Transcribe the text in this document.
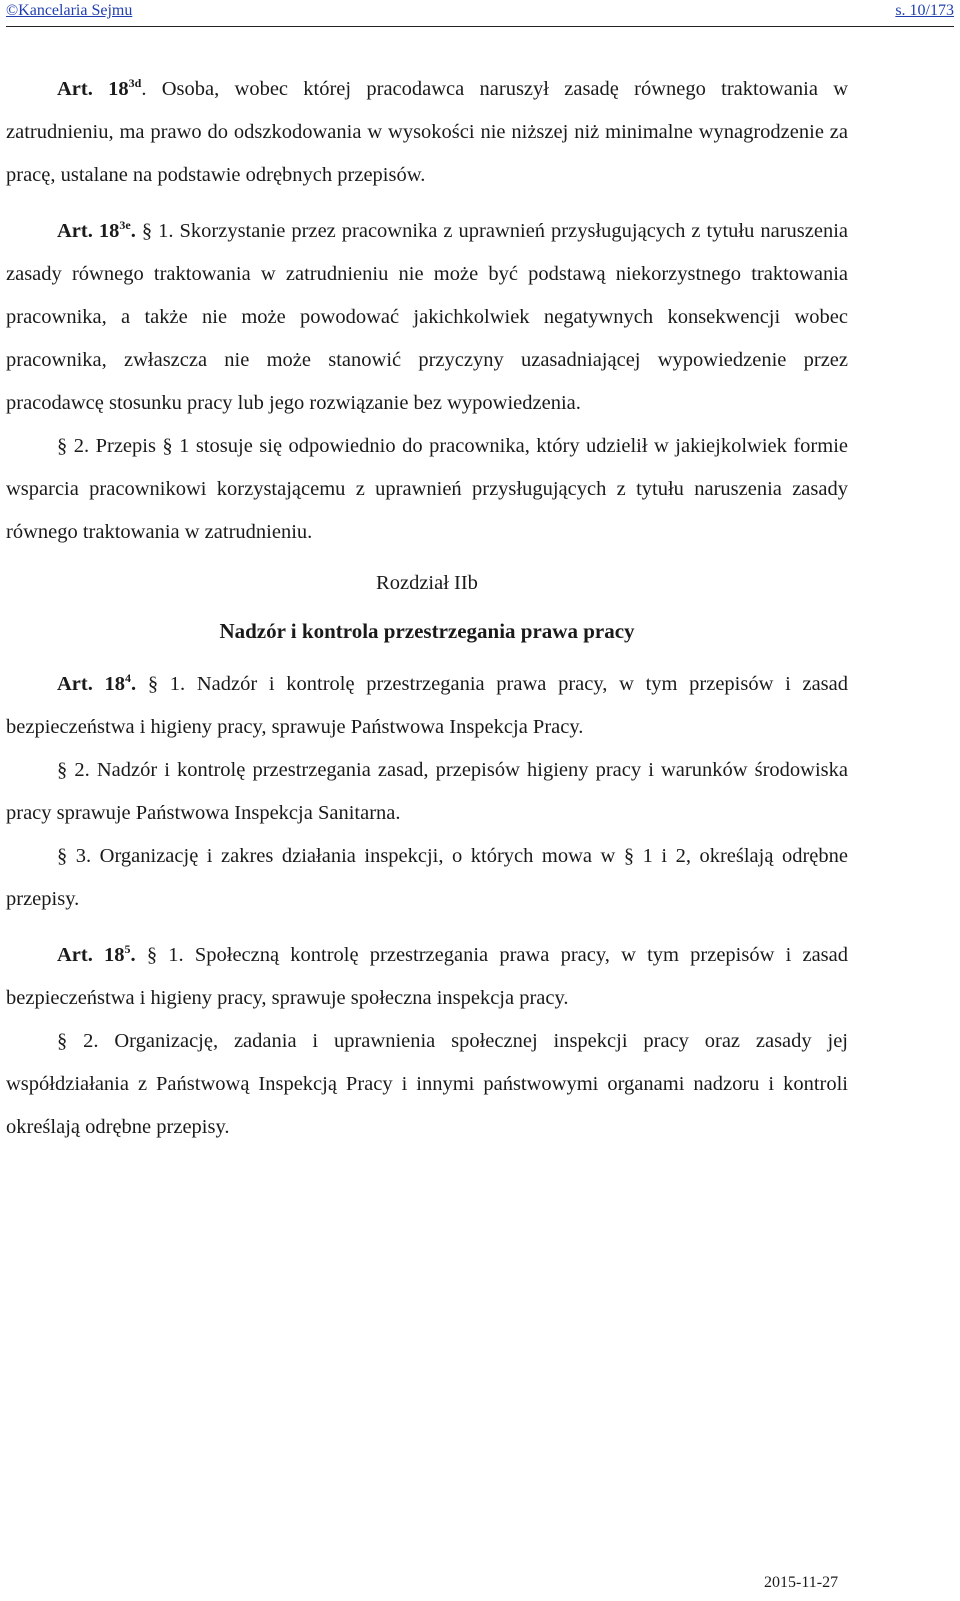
©Kancelaria Sejmu	s. 10/173

Art. $18^{3d}$. Osoba, wobec której pracodawca naruszył zasadę równego traktowania w zatrudnieniu, ma prawo do odszkodowania w wysokości nie niższej niż minimalne wynagrodzenie za pracę, ustalane na podstawie odrębnych przepisów.

Art. $18^{3e}$. § 1. Skorzystanie przez pracownika z uprawnień przysługujących z tytułu naruszenia zasady równego traktowania w zatrudnieniu nie może być podstawą niekorzystnego traktowania pracownika, a także nie może powodować jakichkolwiek negatywnych konsekwencji wobec pracownika, zwłaszcza nie może stanowić przyczyny uzasadniającej wypowiedzenie przez pracodawcę stosunku pracy lub jego rozwiązanie bez wypowiedzenia.

§ 2. Przepis § 1 stosuje się odpowiednio do pracownika, który udzielił w jakiejkolwiek formie wsparcia pracownikowi korzystającemu z uprawnień przysługujących z tytułu naruszenia zasady równego traktowania w zatrudnieniu.

Rozdział IIb

Nadzór i kontrola przestrzegania prawa pracy

Art. $18^4$. § 1. Nadzór i kontrolę przestrzegania prawa pracy, w tym przepisów i zasad bezpieczeństwa i higieny pracy, sprawuje Państwowa Inspekcja Pracy.

§ 2. Nadzór i kontrolę przestrzegania zasad, przepisów higieny pracy i warunków środowiska pracy sprawuje Państwowa Inspekcja Sanitarna.

§ 3. Organizację i zakres działania inspekcji, o których mowa w § 1 i 2, określają odrębne przepisy.

Art. $18^5$. § 1. Społeczną kontrolę przestrzegania prawa pracy, w tym przepisów i zasad bezpieczeństwa i higieny pracy, sprawuje społeczna inspekcja pracy.

§ 2. Organizację, zadania i uprawnienia społecznej inspekcji pracy oraz zasady jej współdziałania z Państwową Inspekcją Pracy i innymi państwowymi organami nadzoru i kontroli określają odrębne przepisy.

2015-11-27
